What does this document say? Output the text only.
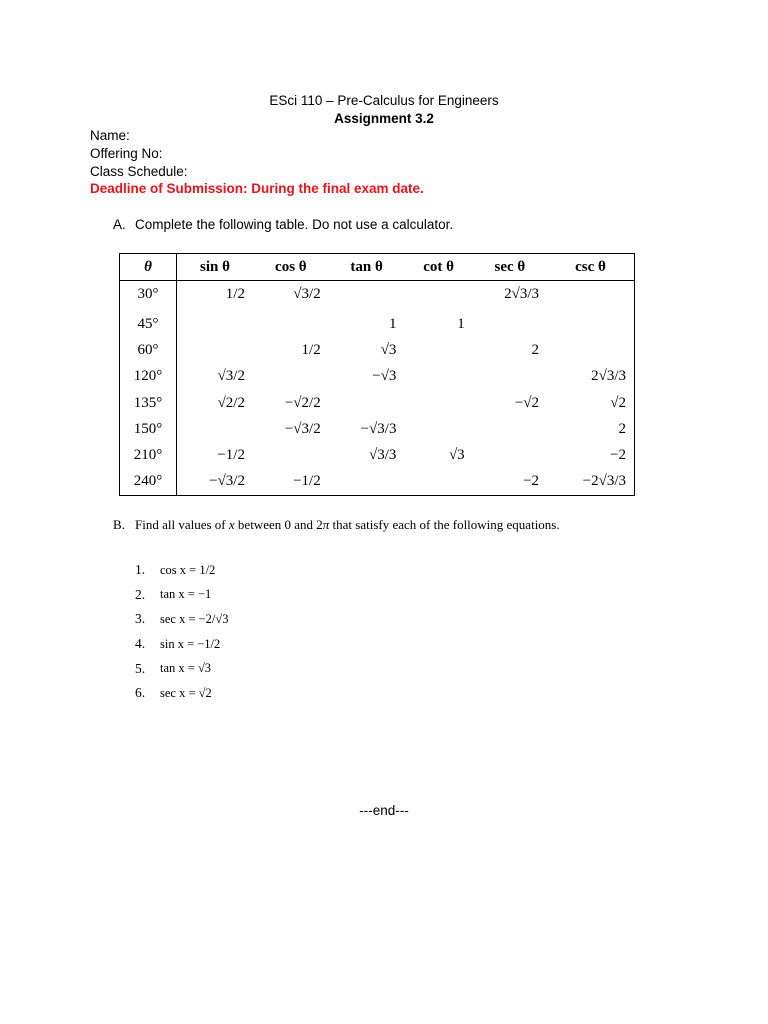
ESci 110 – Pre-Calculus for Engineers
Assignment 3.2
Name:
Offering No:
Class Schedule:
Deadline of Submission: During the final exam date.
A. Complete the following table. Do not use a calculator.
θ	sin θ	cos θ	tan θ	cot θ	sec θ	csc θ
30°	1/2	√3/2			2√3/3	
45°			1	1		
60°		1/2	√3		2	
120°	√3/2		−√3			2√3/3
135°	√2/2	−√2/2			−√2	√2
150°		−√3/2	−√3/3			2
210°	−1/2		√3/3	√3		−2
240°	−√3/2	−1/2			−2	−2√3/3
B. Find all values of x between 0 and 2π that satisfy each of the following equations.
1.	cos x = 1/2
2.	tan x = −1
3.	sec x = −2/√3
4.	sin x = −1/2
5.	tan x = √3
6.	sec x = √2
---end---
